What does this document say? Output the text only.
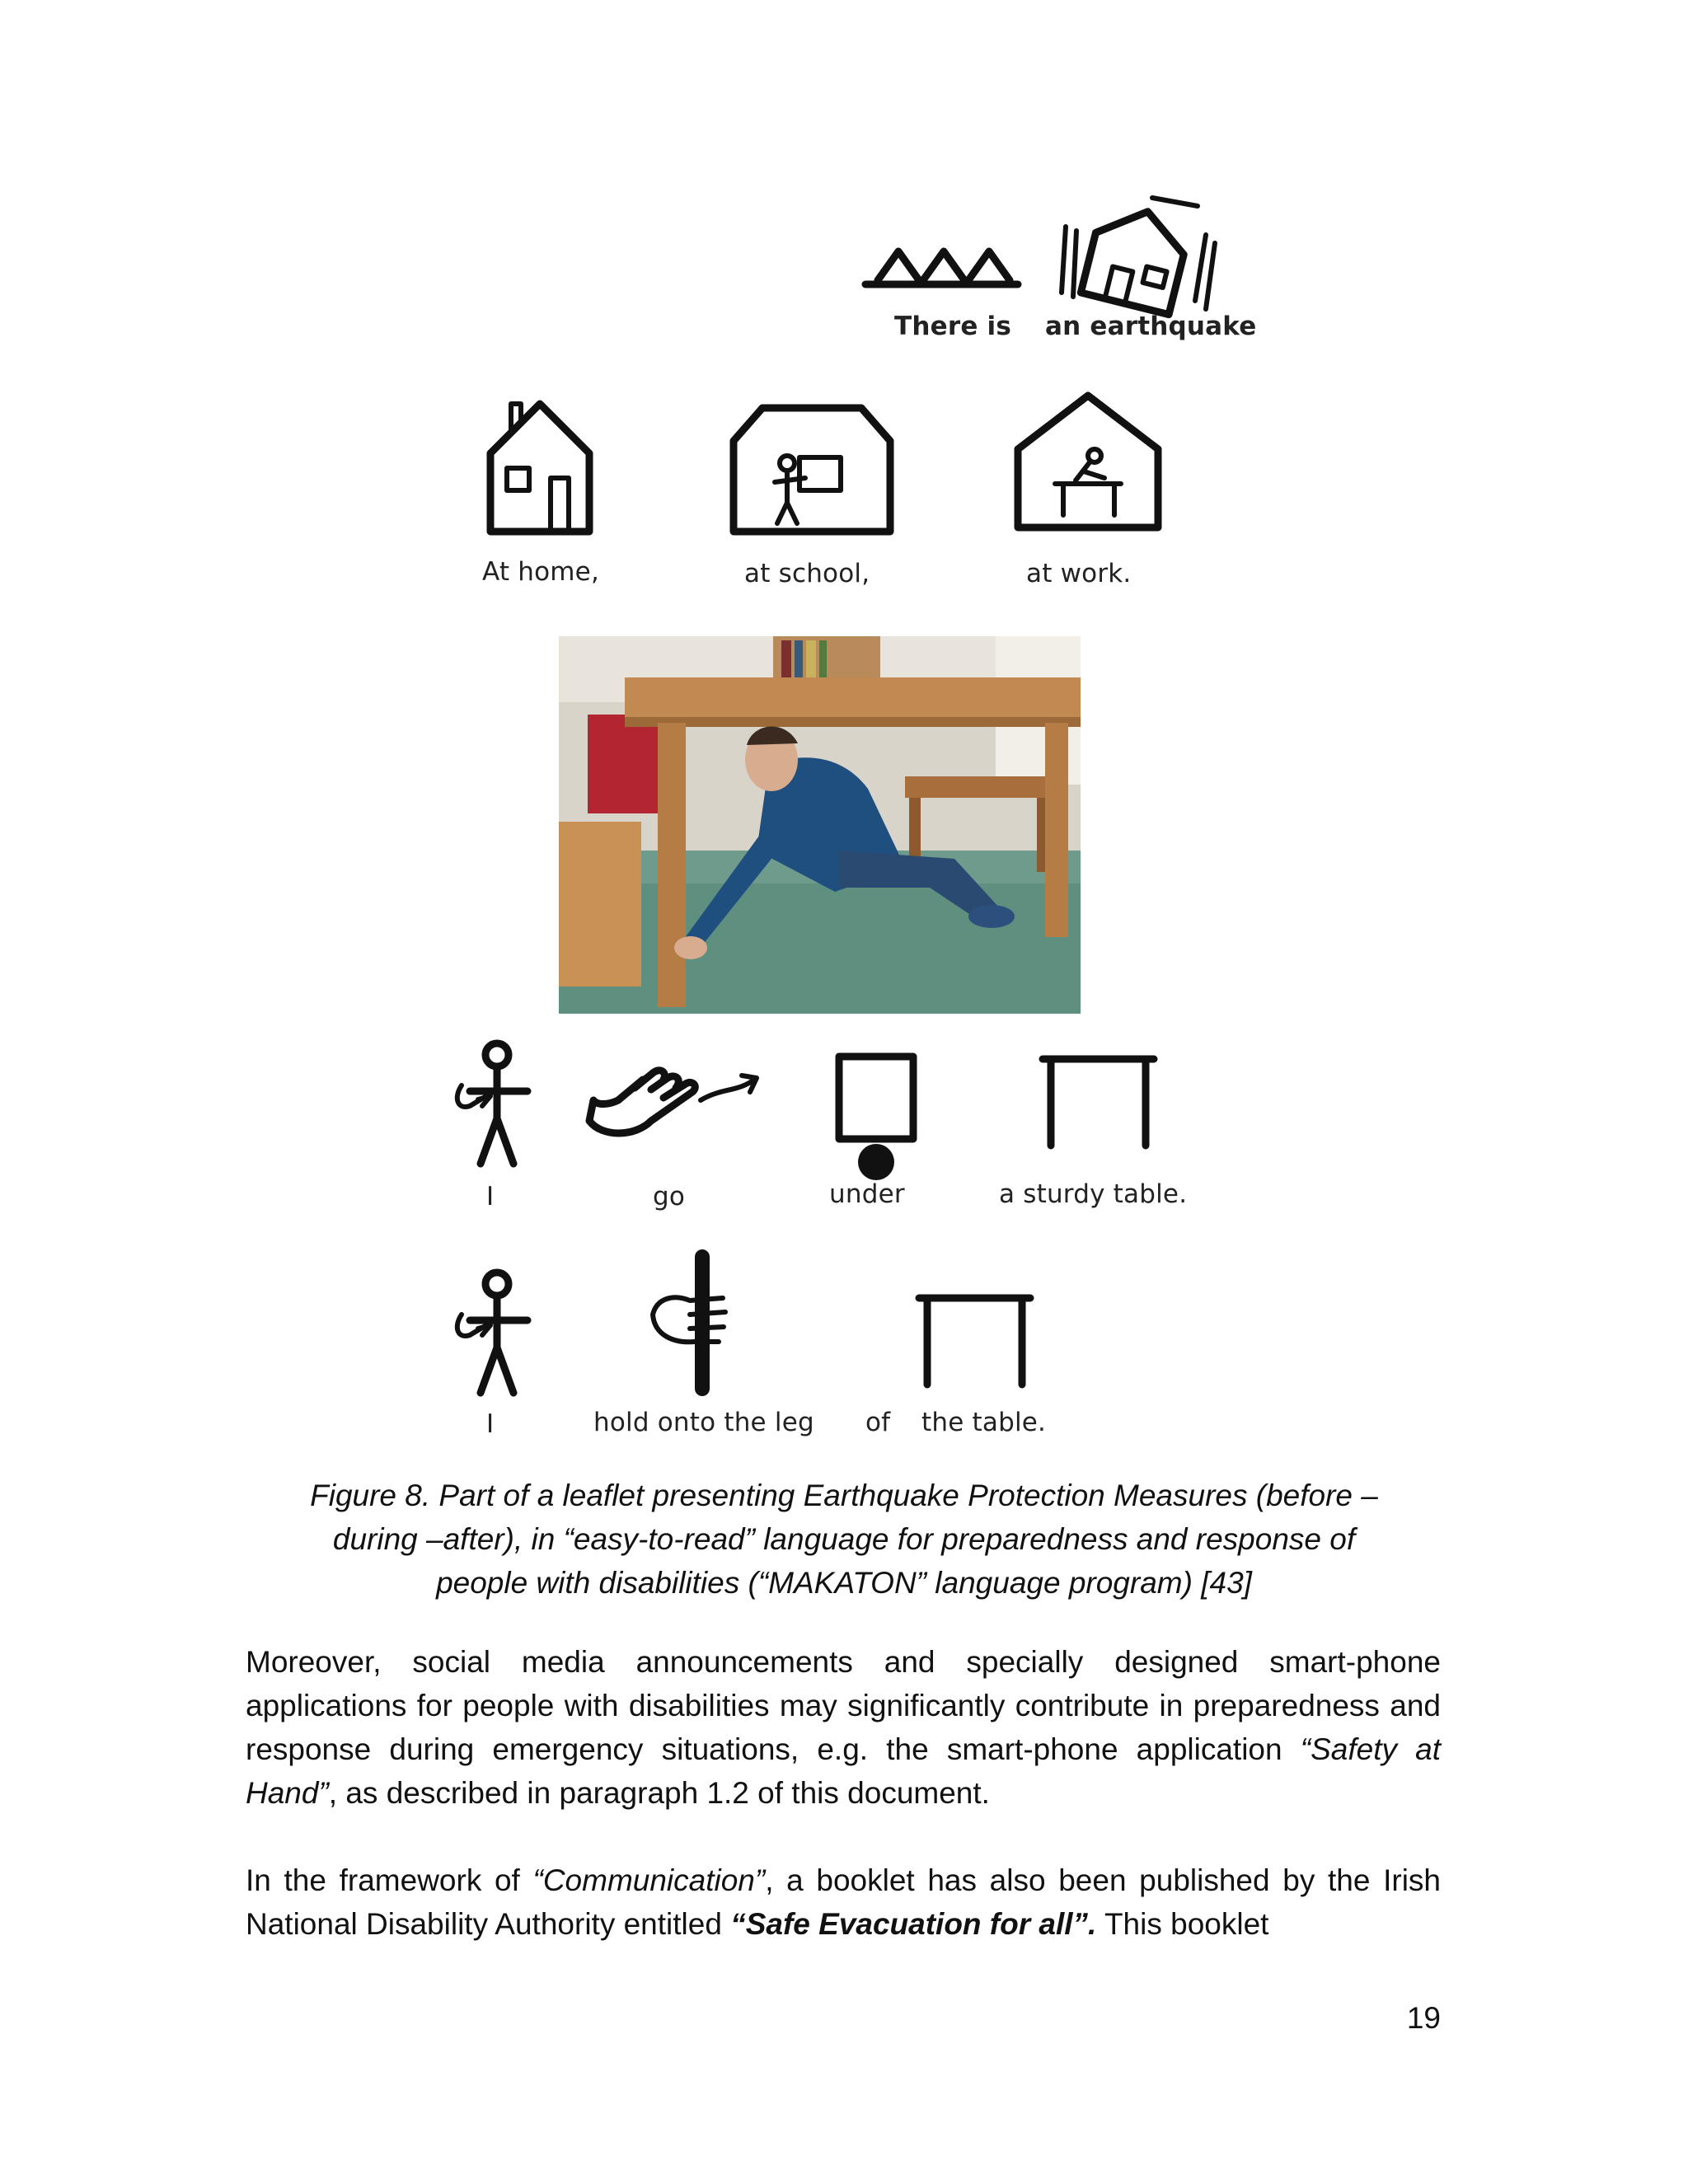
There is an earthquake
At home,	at school,	at work.
I	go	under	a sturdy table.
I	hold onto the leg of the table.
Figure 8. Part of a leaflet presenting Earthquake Protection Measures (before –
during –after), in “easy-to-read” language for preparedness and response of
people with disabilities (“MAKATON” language program) [43]
Moreover, social media announcements and specially designed smart-phone applications for people with disabilities may significantly contribute in preparedness and response during emergency situations, e.g. the smart-phone application “Safety at Hand”, as described in paragraph 1.2 of this document.
In the framework of “Communication”, a booklet has also been published by the Irish National Disability Authority entitled “Safe Evacuation for all”. This booklet
19
